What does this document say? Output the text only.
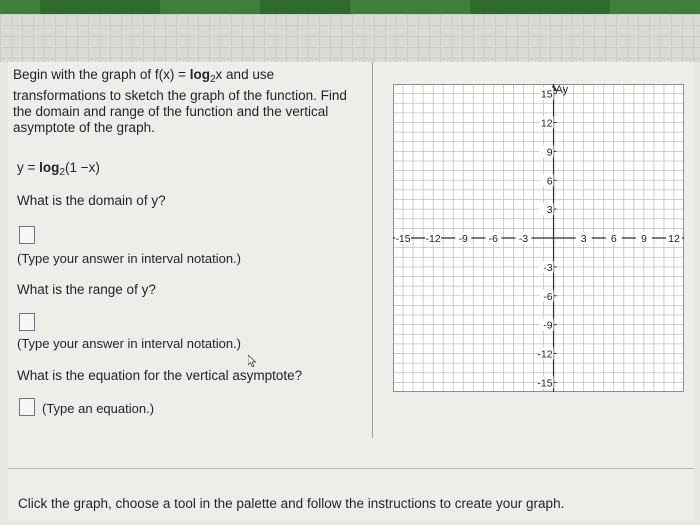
Begin with the graph of $f(x) = \log_2x$ and use
transformations to sketch the graph of the function. Find
the domain and range of the function and the vertical
asymptote of the graph.
$y = \log_2(1 -x)$
What is the domain of y?
(Type your answer in interval notation.)
What is the range of y?
(Type your answer in interval notation.)
What is the equation for the vertical asymptote?
(Type an equation.)
Ay
-15 -12 -9 -6 -3	3 6 9 12
15
12
9
6
3
-3
-6
-9
-12
-15
Click the graph, choose a tool in the palette and follow the instructions to create your graph.
